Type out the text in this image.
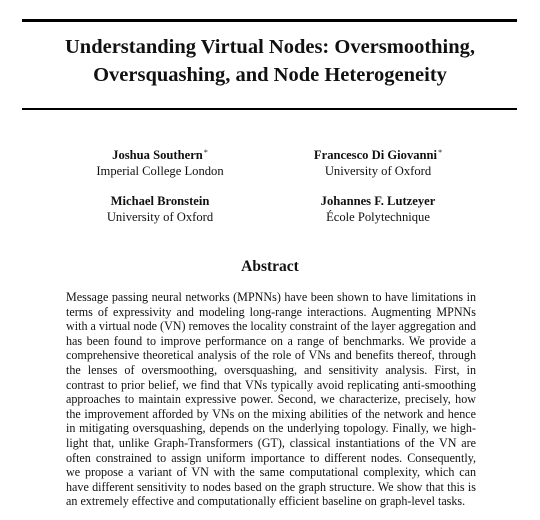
Understanding Virtual Nodes: Oversmoothing,
Oversquashing, and Node Heterogeneity
Joshua Southern*
Imperial College London
Francesco Di Giovanni*
University of Oxford
Michael Bronstein
University of Oxford
Johannes F. Lutzeyer
École Polytechnique
Abstract

Message passing neural networks (MPNNs) have been shown to have limitations in
terms of expressivity and modeling long-range interactions. Augmenting MPNNs
with a virtual node (VN) removes the locality constraint of the layer aggregation and
has been found to improve performance on a range of benchmarks. We provide a
comprehensive theoretical analysis of the role of VNs and benefits thereof, through
the lenses of oversmoothing, oversquashing, and sensitivity analysis. First, in
contrast to prior belief, we find that VNs typically avoid replicating anti-smoothing
approaches to maintain expressive power. Second, we characterize, precisely, how
the improvement afforded by VNs on the mixing abilities of the network and hence
in mitigating oversquashing, depends on the underlying topology. Finally, we high-
light that, unlike Graph-Transformers (GT), classical instantiations of the VN are
often constrained to assign uniform importance to different nodes. Consequently,
we propose a variant of VN with the same computational complexity, which can
have different sensitivity to nodes based on the graph structure. We show that this is
an extremely effective and computationally efficient baseline on graph-level tasks.
